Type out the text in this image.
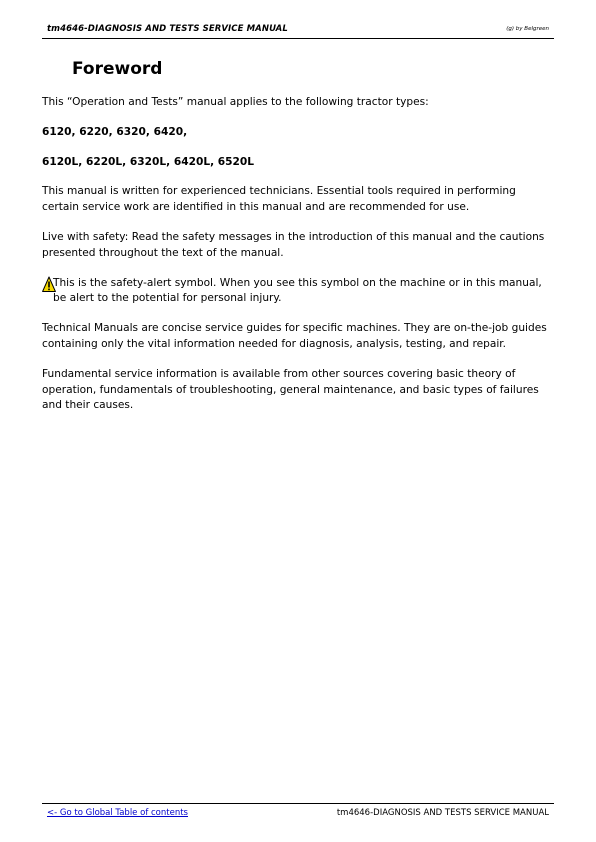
tm4646-DIAGNOSIS AND TESTS SERVICE MANUAL	(g) by Belgreen
Foreword

This “Operation and Tests” manual applies to the following tractor types:

6120, 6220, 6320, 6420,

6120L, 6220L, 6320L, 6420L, 6520L

This manual is written for experienced technicians. Essential tools required in performing certain service work are identified in this manual and are recommended for use.

Live with safety: Read the safety messages in the introduction of this manual and the cautions presented throughout the text of the manual.

This is the safety-alert symbol. When you see this symbol on the machine or in this manual, be alert to the potential for personal injury.

Technical Manuals are concise service guides for specific machines. They are on-the-job guides containing only the vital information needed for diagnosis, analysis, testing, and repair.

Fundamental service information is available from other sources covering basic theory of operation, fundamentals of troubleshooting, general maintenance, and basic types of failures and their causes.

<- Go to Global Table of contents	tm4646-DIAGNOSIS AND TESTS SERVICE MANUAL
